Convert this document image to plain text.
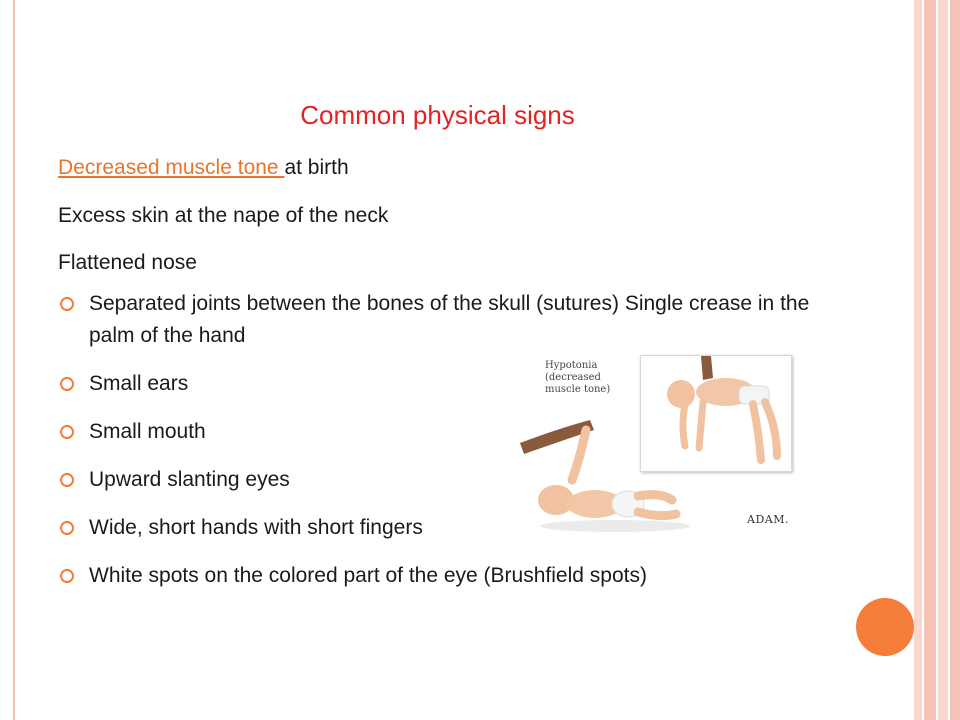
Common physical signs
Decreased muscle tone at birth
Excess skin at the nape of the neck
Flattened nose
Separated joints between the bones of the skull (sutures) Single crease in the palm of the hand
Small ears
Small mouth
Upward slanting eyes
Wide, short hands with short fingers
White spots on the colored part of the eye (Brushfield spots)
Hypotonia (decreased muscle tone)
ADAM.
